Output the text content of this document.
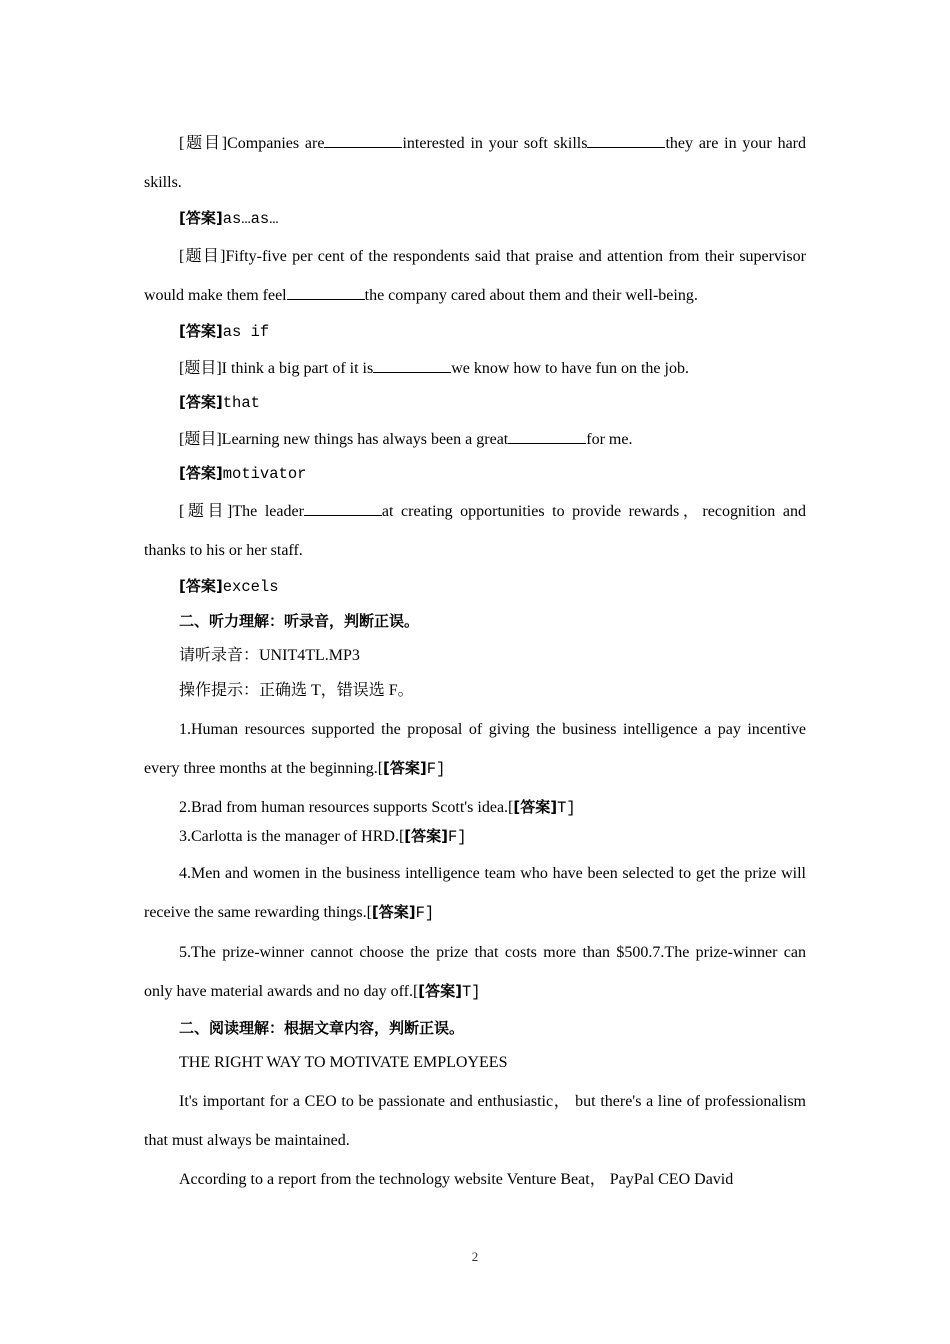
[题目]Companies are	interested in your soft skills	they are in your hard skills.

[答案]as…as…

[题目]Fifty-five per cent of the respondents said that praise and attention from their supervisor would make them feel	the company cared about them and their well-being.

[答案]as if

[题目]I think a big part of it is	we know how to have fun on the job.

[答案]that

[题目]Learning new things has always been a great	for me.

[答案]motivator

[题目]The leader	at creating opportunities to provide rewards，recognition and thanks to his or her staff.

[答案]excels

二、听力理解：听录音，判断正误。

请听录音：UNIT4TL.MP3

操作提示：正确选 T，错误选 F。

1.Human resources supported the proposal of giving the business intelligence a pay incentive every three months at the beginning.[[答案]F]

2.Brad from human resources supports Scott's idea.[[答案]T]

3.Carlotta is the manager of HRD.[[答案]F]

4.Men and women in the business intelligence team who have been selected to get the prize will receive the same rewarding things.[[答案]F]

5.The prize-winner cannot choose the prize that costs more than $500.7.The prize-winner can only have material awards and no day off.[[答案]T]

二、阅读理解：根据文章内容，判断正误。

THE RIGHT WAY TO MOTIVATE EMPLOYEES

It's important for a CEO to be passionate and enthusiastic， but there's a line of professionalism that must always be maintained.

According to a report from the technology website Venture Beat， PayPal CEO David

2
